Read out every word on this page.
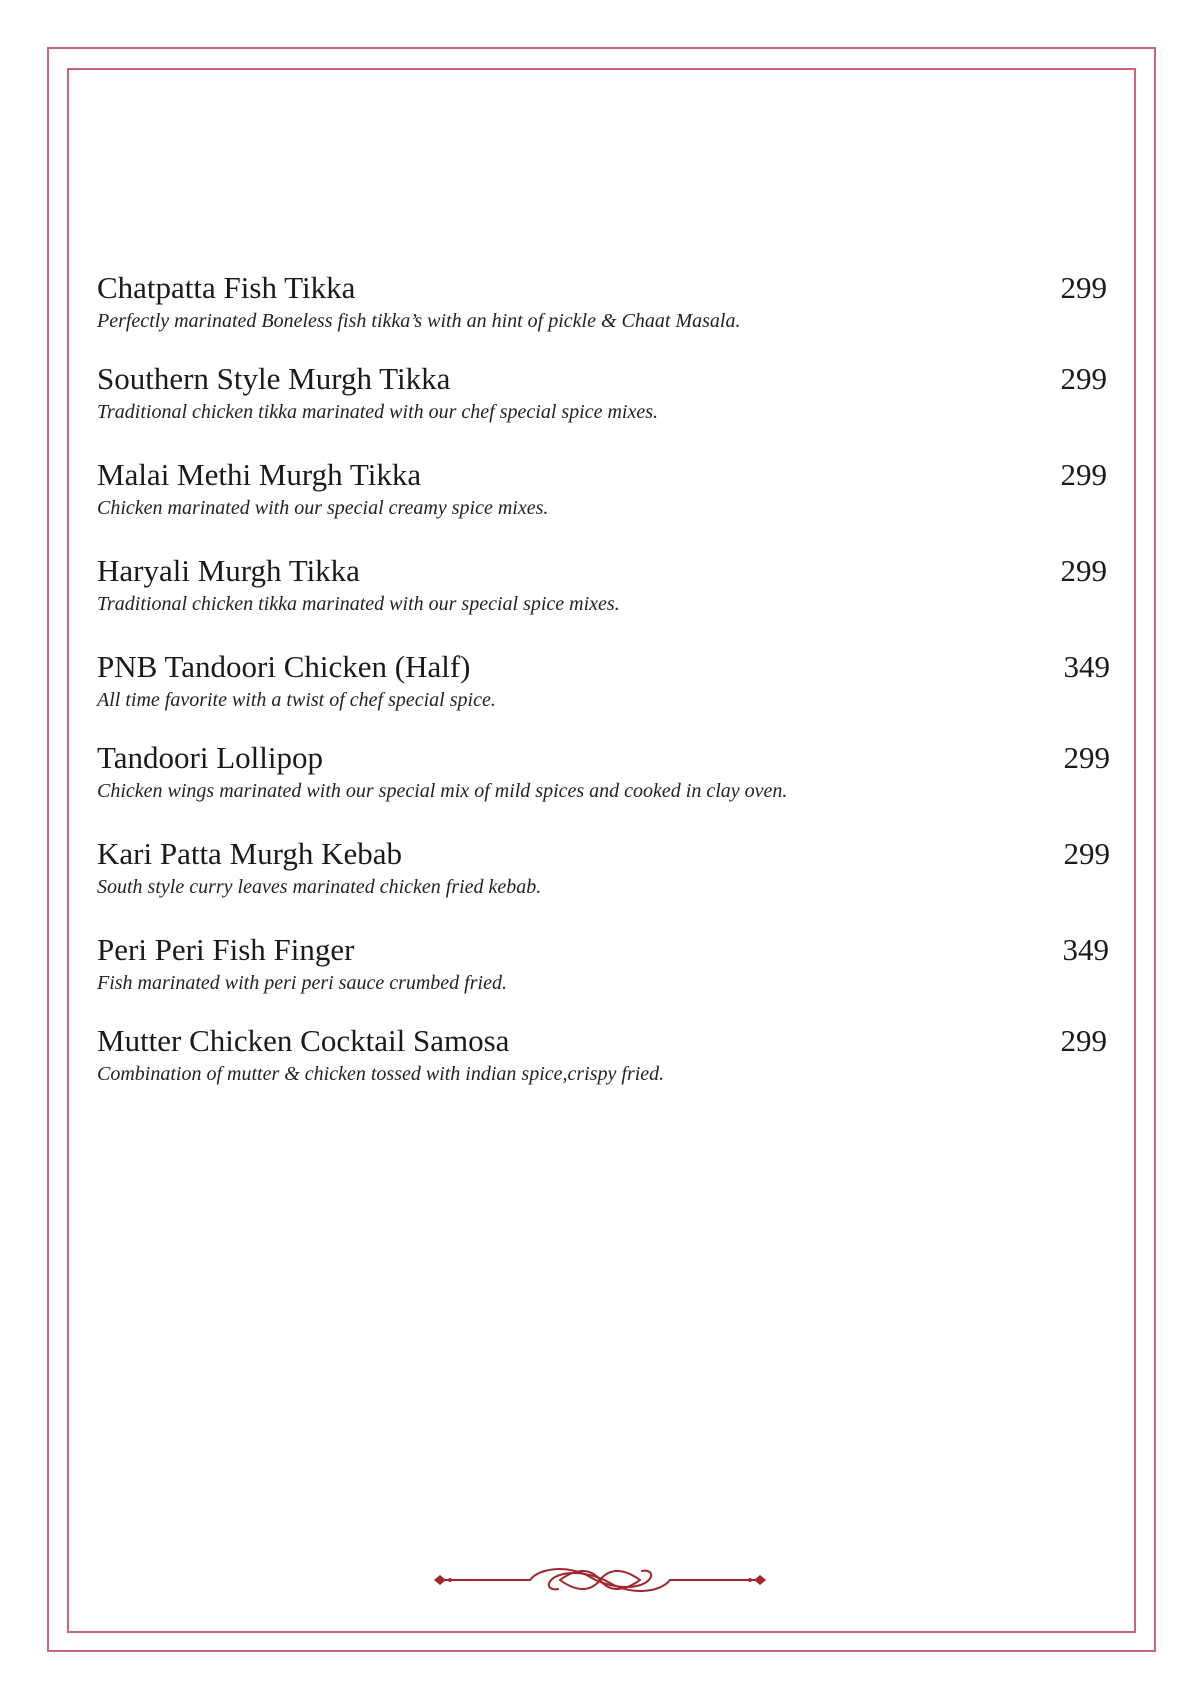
Chatpatta Fish Tikka	299
Perfectly marinated Boneless fish tikka’s with an hint of pickle & Chaat Masala.
Southern Style Murgh Tikka	299
Traditional chicken tikka marinated with our chef special spice mixes.
Malai Methi Murgh Tikka	299
Chicken marinated with our special creamy spice mixes.
Haryali Murgh Tikka	299
Traditional chicken tikka marinated with our special spice mixes.
PNB Tandoori Chicken (Half)	349
All time favorite with a twist of chef special spice.
Tandoori Lollipop	299
Chicken wings marinated with our special mix of mild spices and cooked in clay oven.
Kari Patta Murgh Kebab	299
South style curry leaves marinated chicken fried kebab.
Peri Peri Fish Finger	349
Fish marinated with peri peri sauce crumbed fried.
Mutter Chicken Cocktail Samosa	299
Combination of mutter & chicken tossed with indian spice,crispy fried.
